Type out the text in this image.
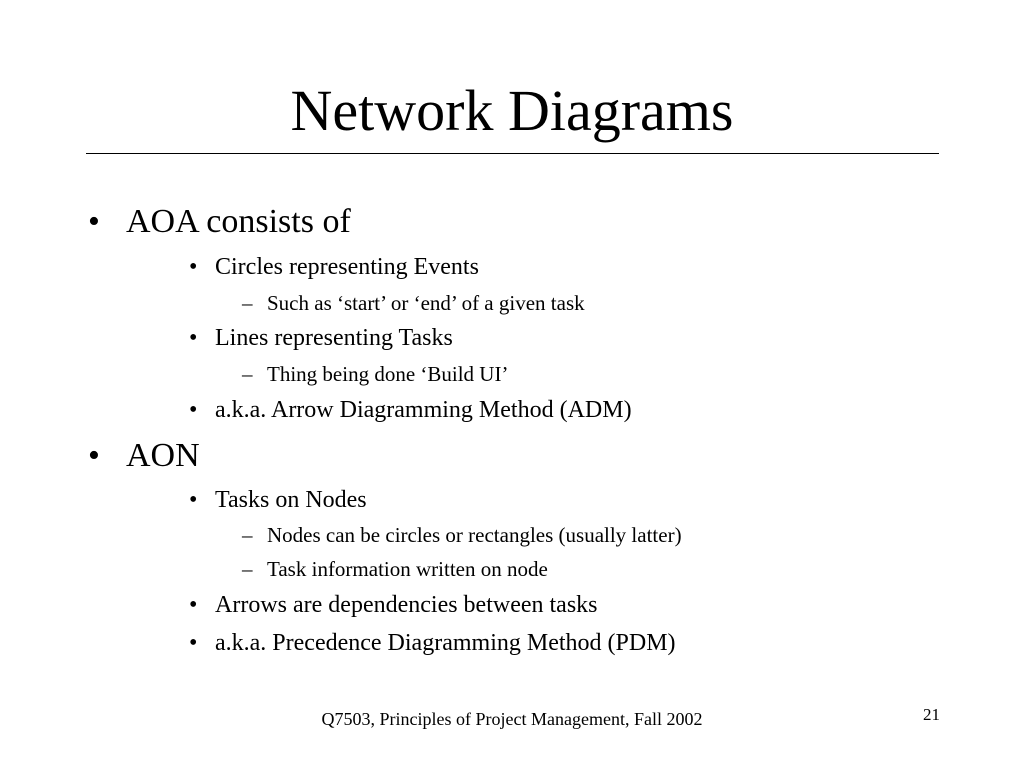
Network Diagrams
• AOA consists of
• Circles representing Events
– Such as ‘start’ or ‘end’ of a given task
• Lines representing Tasks
– Thing being done ‘Build UI’
• a.k.a. Arrow Diagramming Method (ADM)
• AON
• Tasks on Nodes
– Nodes can be circles or rectangles (usually latter)
– Task information written on node
• Arrows are dependencies between tasks
• a.k.a. Precedence Diagramming Method (PDM)
Q7503, Principles of Project Management, Fall 2002	21
